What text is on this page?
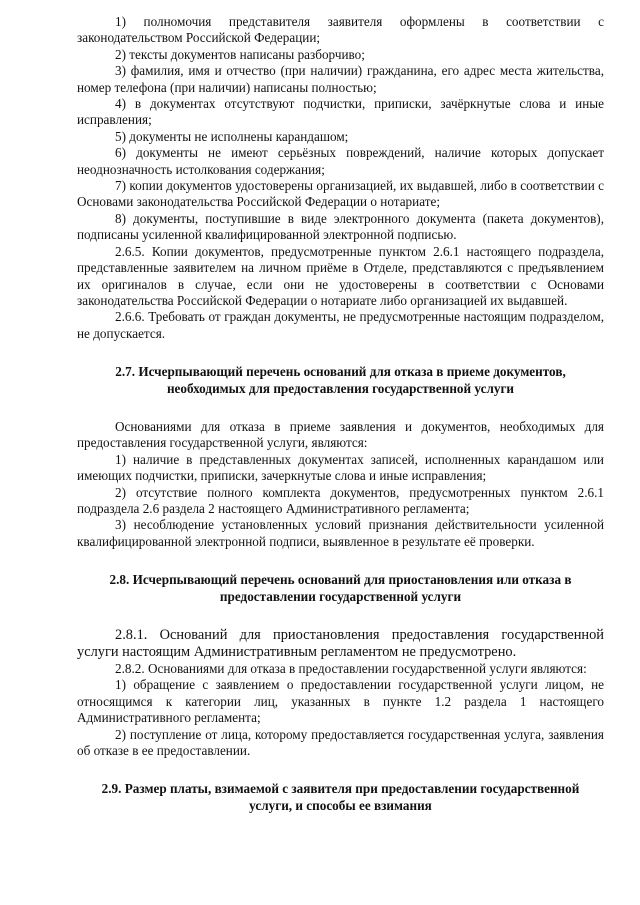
1) полномочия представителя заявителя оформлены в соответствии с законодательством Российской Федерации;

2) тексты документов написаны разборчиво;

3) фамилия, имя и отчество (при наличии) гражданина, его адрес места жительства, номер телефона (при наличии) написаны полностью;

4) в документах отсутствуют подчистки, приписки, зачёркнутые слова и иные исправления;

5) документы не исполнены карандашом;

6) документы не имеют серьёзных повреждений, наличие которых допускает неоднозначность истолкования содержания;

7) копии документов удостоверены организацией, их выдавшей, либо в соответствии с Основами законодательства Российской Федерации о нотариате;

8) документы, поступившие в виде электронного документа (пакета документов), подписаны усиленной квалифицированной электронной подписью.

2.6.5. Копии документов, предусмотренные пунктом 2.6.1 настоящего подраздела, представленные заявителем на личном приёме в Отделе, представляются с предъявлением их оригиналов в случае, если они не удостоверены в соответствии с Основами законодательства Российской Федерации о нотариате либо организацией их выдавшей.

2.6.6. Требовать от граждан документы, не предусмотренные настоящим подразделом, не допускается.

2.7. Исчерпывающий перечень оснований для отказа в приеме документов, необходимых для предоставления государственной услуги

Основаниями для отказа в приеме заявления и документов, необходимых для предоставления государственной услуги, являются:

1) наличие в представленных документах записей, исполненных карандашом или имеющих подчистки, приписки, зачеркнутые слова и иные исправления;

2) отсутствие полного комплекта документов, предусмотренных пунктом 2.6.1 подраздела 2.6 раздела 2 настоящего Административного регламента;

3) несоблюдение установленных условий признания действительности усиленной квалифицированной электронной подписи, выявленное в результате её проверки.

2.8. Исчерпывающий перечень оснований для приостановления или отказа в предоставлении государственной услуги

2.8.1. Оснований для приостановления предоставления государственной услуги настоящим Административным регламентом не предусмотрено.

2.8.2. Основаниями для отказа в предоставлении государственной услуги являются:

1) обращение с заявлением о предоставлении государственной услуги лицом, не относящимся к категории лиц, указанных в пункте 1.2 раздела 1 настоящего Административного регламента;

2) поступление от лица, которому предоставляется государственная услуга, заявления об отказе в ее предоставлении.

2.9. Размер платы, взимаемой с заявителя при предоставлении государственной услуги, и способы ее взимания
